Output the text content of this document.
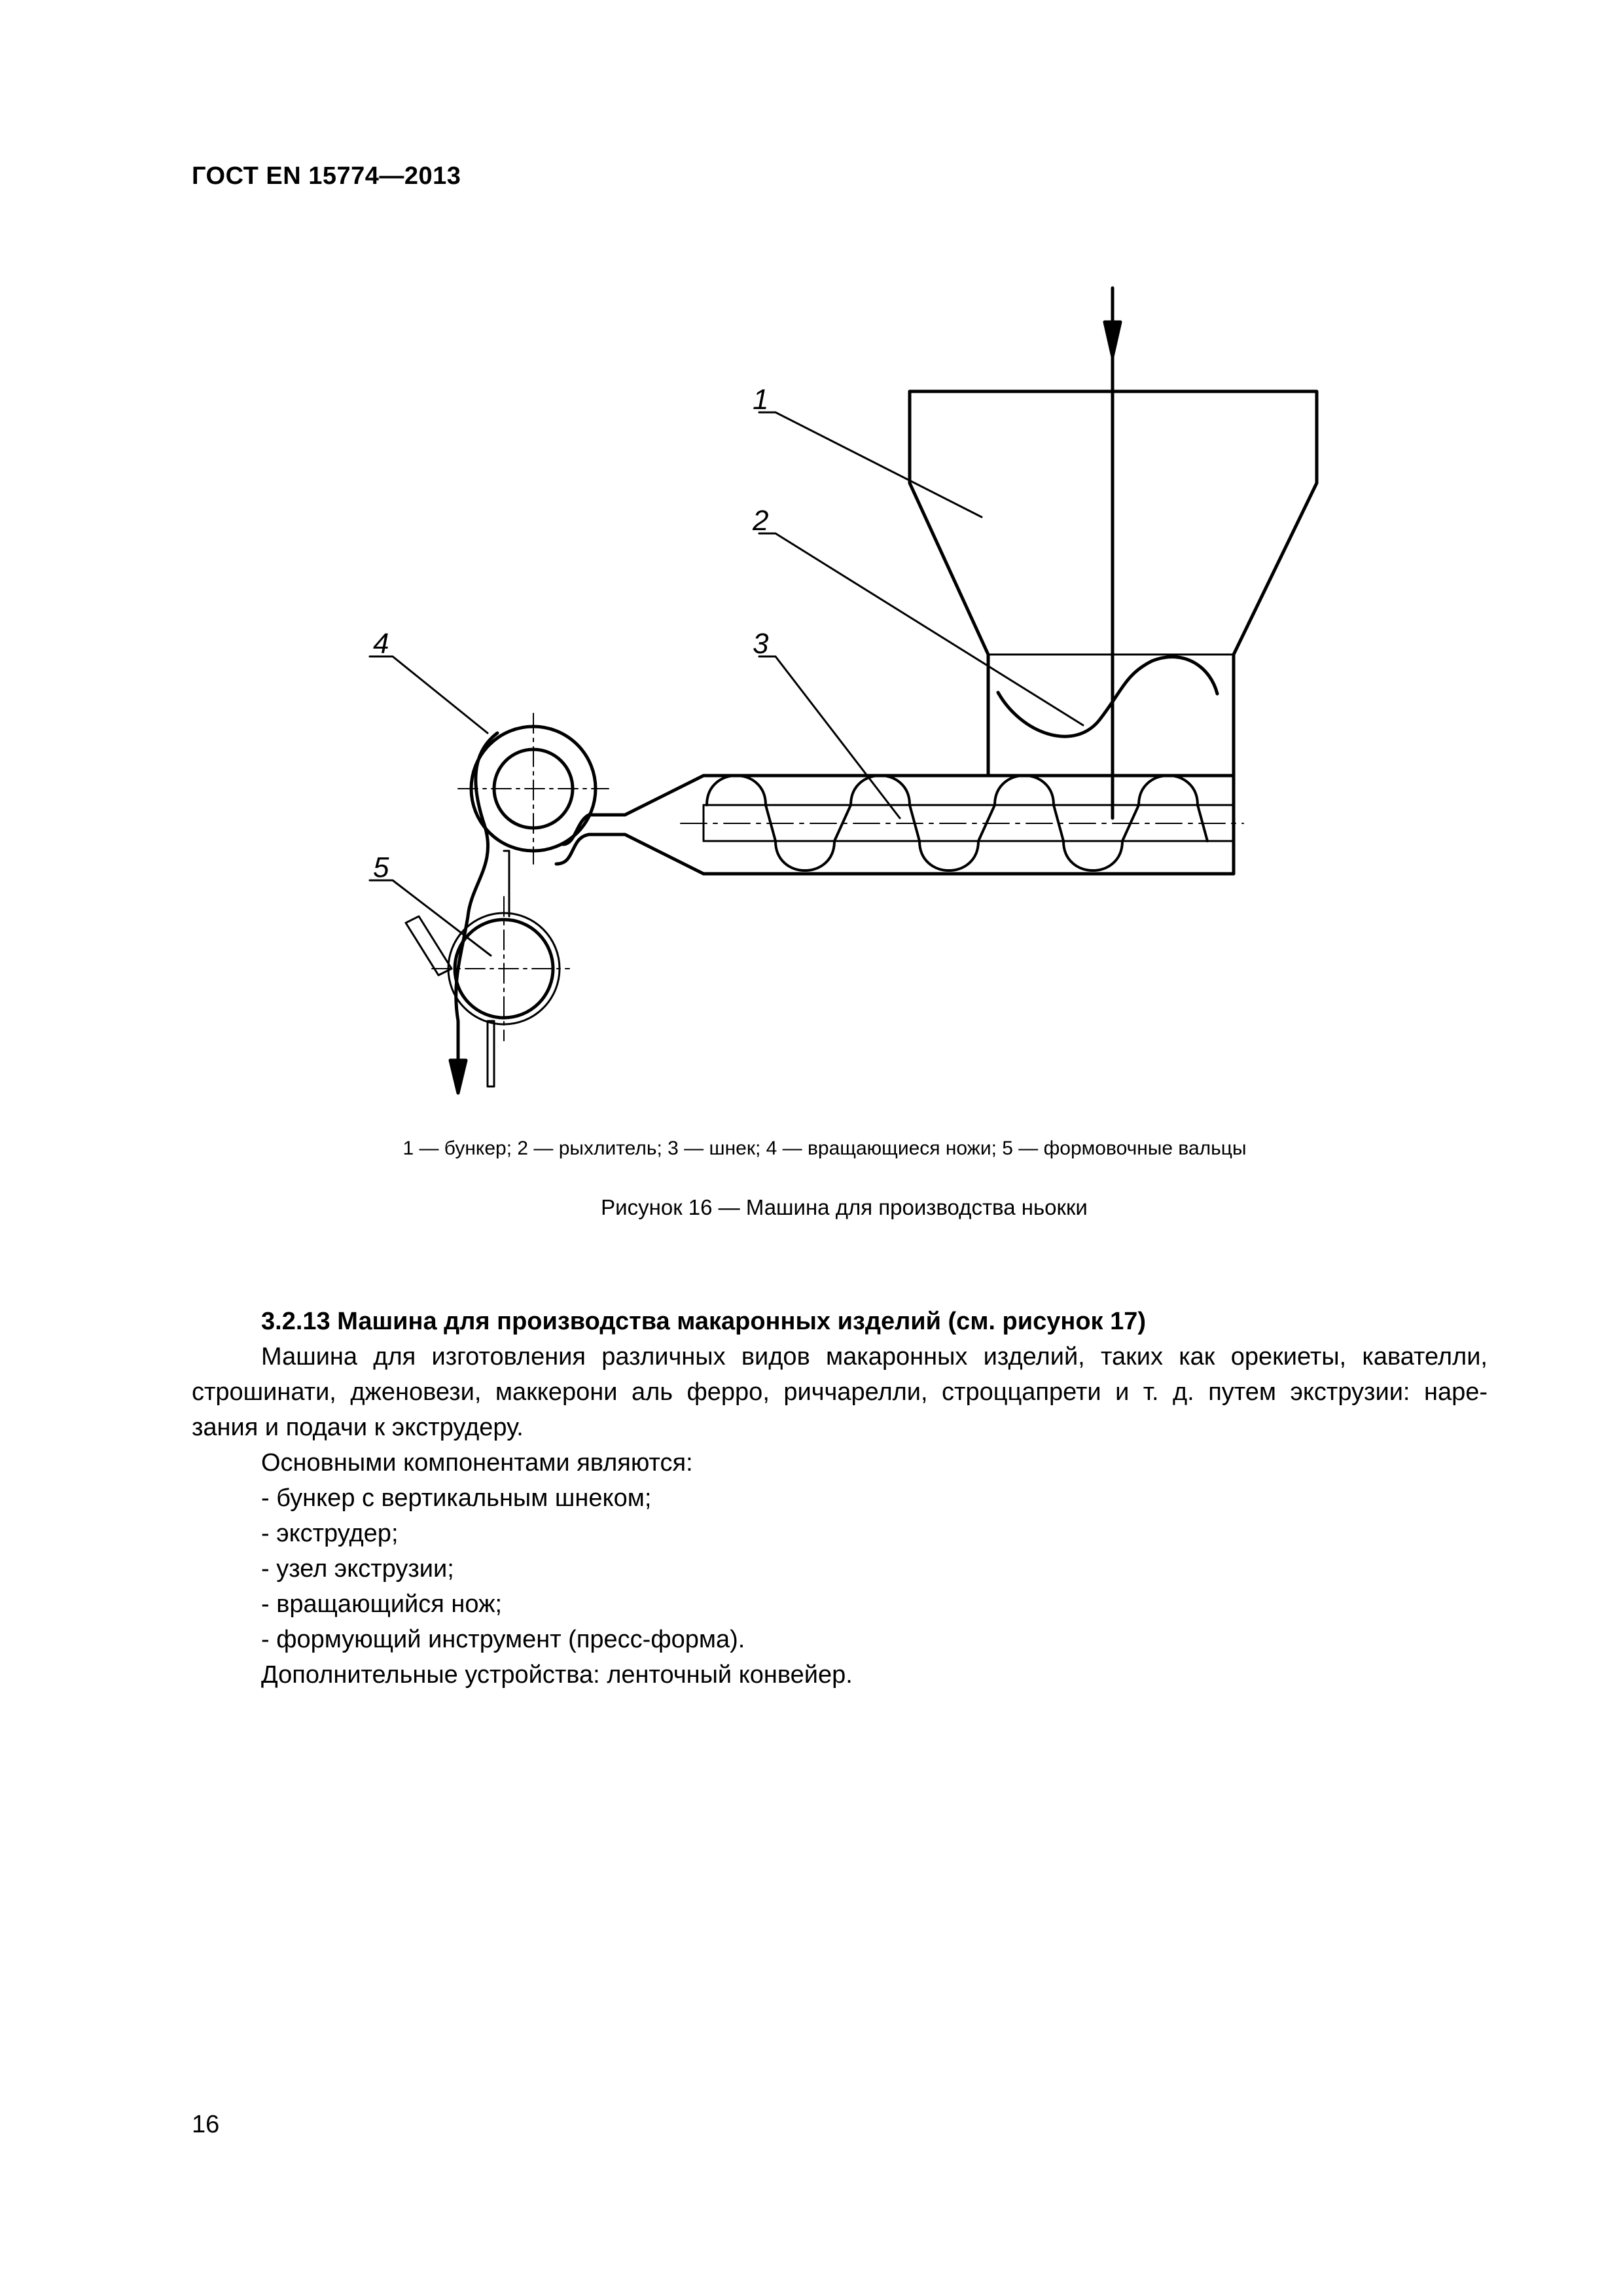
ГОСТ EN 15774—2013
1
2
3
4
5
1 — бункер; 2 — рыхлитель; 3 — шнек; 4 — вращающиеся ножи; 5 — формовочные вальцы
Рисунок 16 — Машина для производства ньокки

3.2.13 Машина для производства макаронных изделий (см. рисунок 17)

Машина для изготовления различных видов макаронных изделий, таких как орекиеты, кавателли,

строшинати, дженовези, маккерони аль ферро, риччарелли, строццапрети и т. д. путем экструзии: наре-

зания и подачи к экструдеру.

Основными компонентами являются:

- бункер с вертикальным шнеком;

- экструдер;

- узел экструзии;

- вращающийся нож;

- формующий инструмент (пресс-форма).

Дополнительные устройства: ленточный конвейер.

16
